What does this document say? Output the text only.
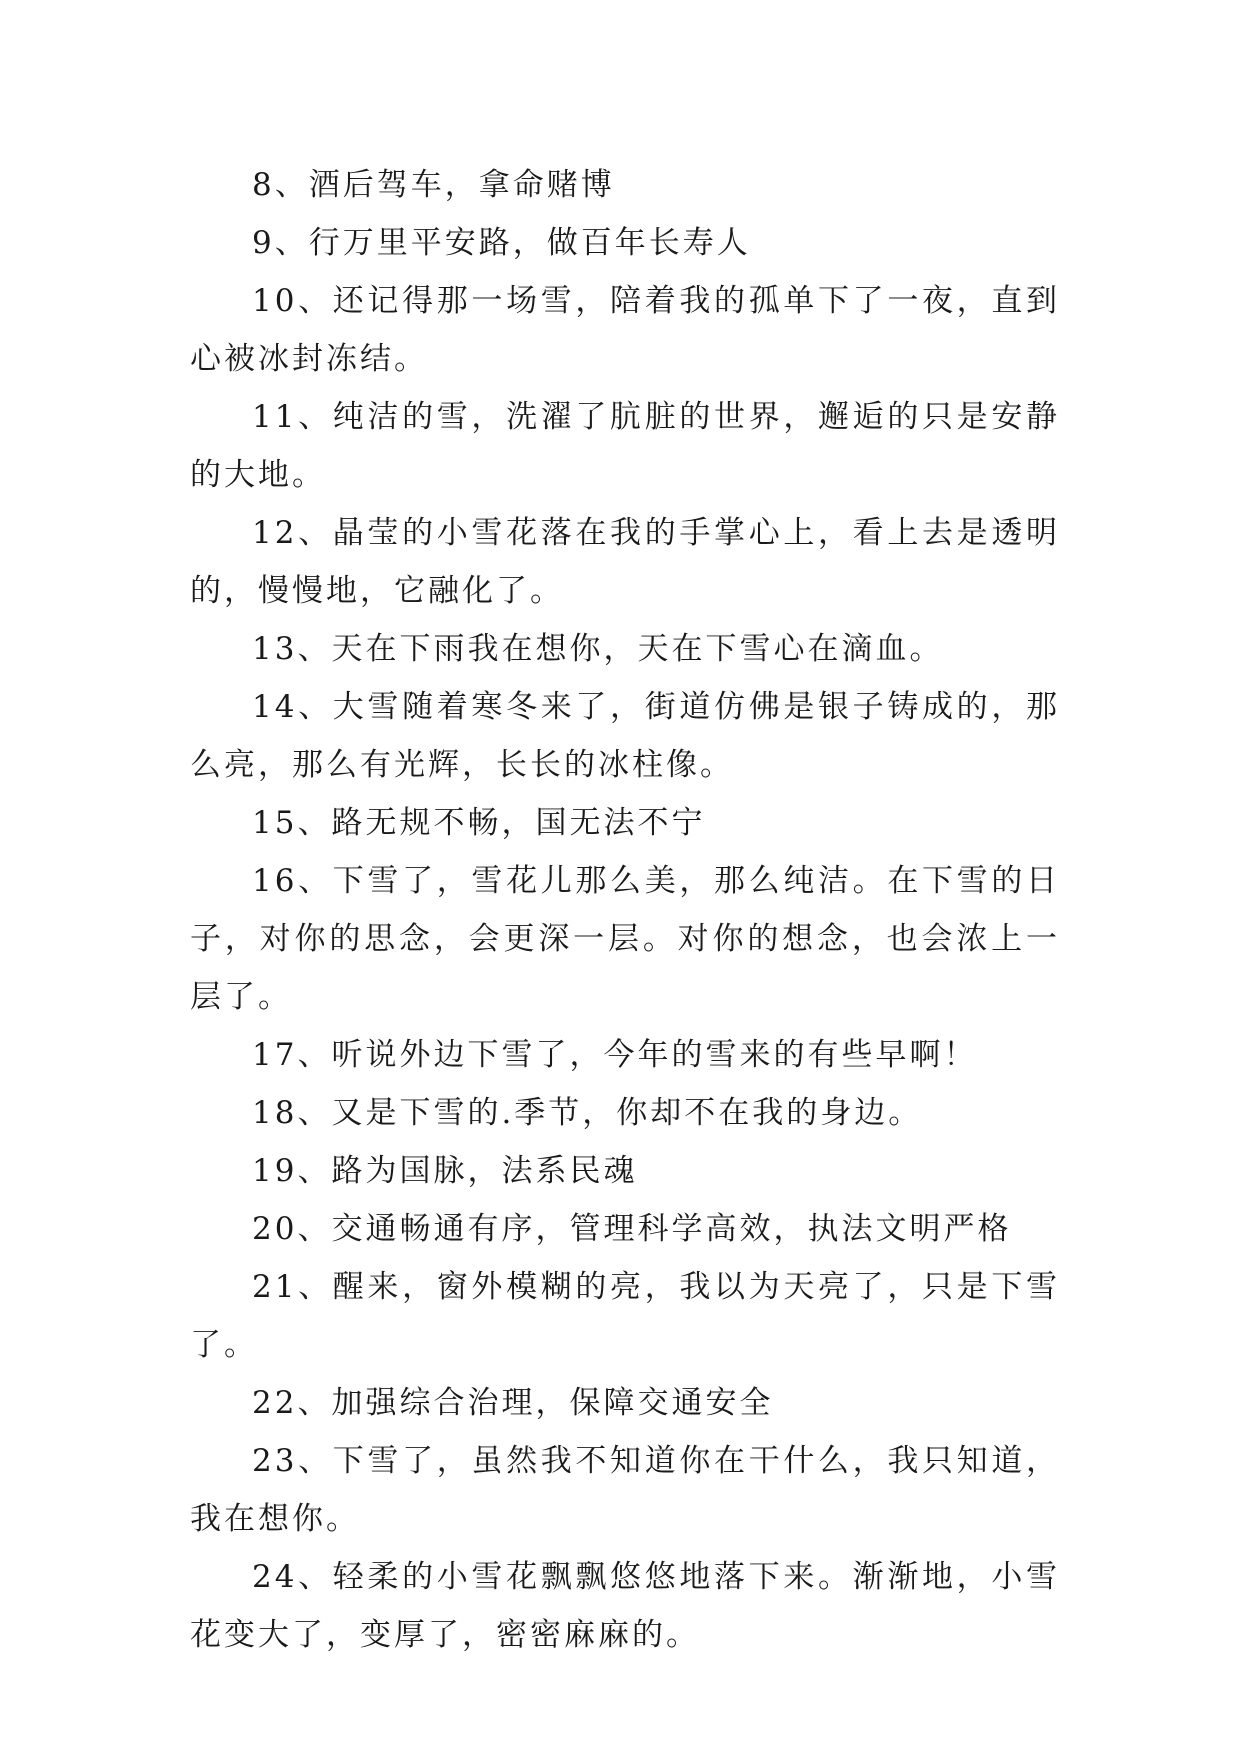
8、酒后驾车，拿命赌博

9、行万里平安路，做百年长寿人

10、还记得那一场雪，陪着我的孤单下了一夜，直到心被冰封冻结。

11、纯洁的雪，洗濯了肮脏的世界，邂逅的只是安静的大地。

12、晶莹的小雪花落在我的手掌心上，看上去是透明的，慢慢地，它融化了。

13、天在下雨我在想你，天在下雪心在滴血。

14、大雪随着寒冬来了，街道仿佛是银子铸成的，那么亮，那么有光辉，长长的冰柱像。

15、路无规不畅，国无法不宁

16、下雪了，雪花儿那么美，那么纯洁。在下雪的日子，对你的思念，会更深一层。对你的想念，也会浓上一层了。

17、听说外边下雪了，今年的雪来的有些早啊！

18、又是下雪的.季节，你却不在我的身边。

19、路为国脉，法系民魂

20、交通畅通有序，管理科学高效，执法文明严格

21、醒来，窗外模糊的亮，我以为天亮了，只是下雪了。

22、加强综合治理，保障交通安全

23、下雪了，虽然我不知道你在干什么，我只知道，我在想你。

24、轻柔的小雪花飘飘悠悠地落下来。渐渐地，小雪花变大了，变厚了，密密麻麻的。
